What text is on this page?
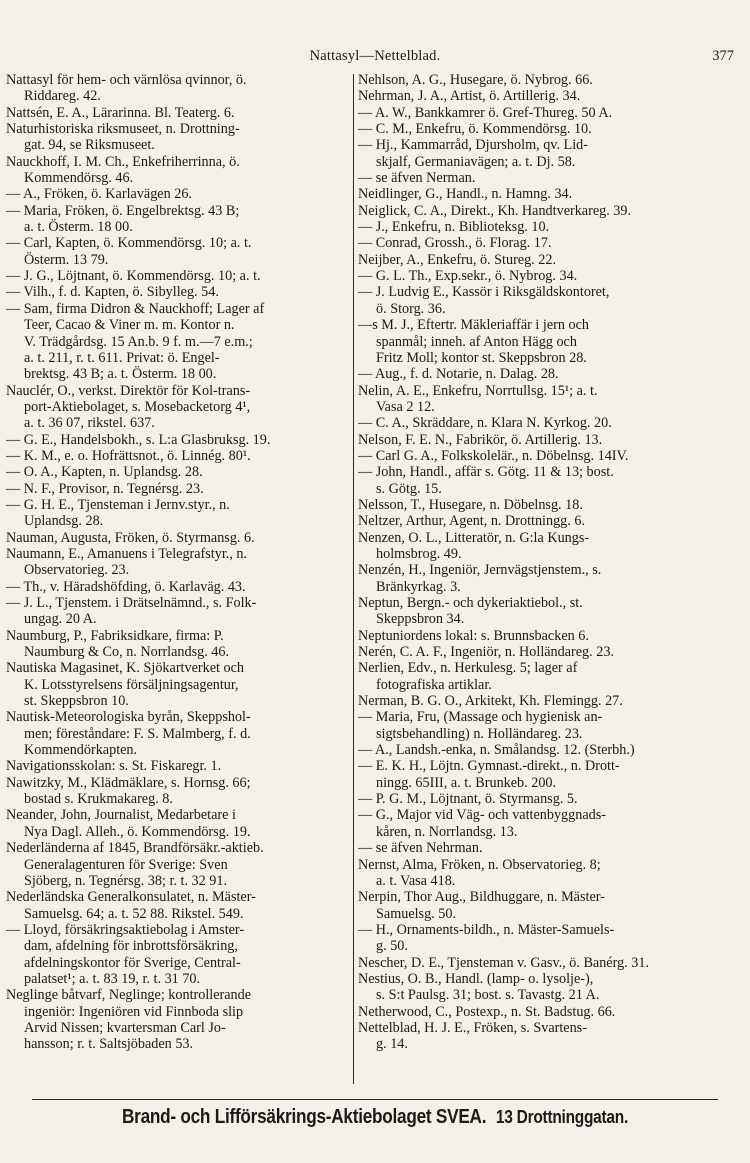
Nattasyl—Nettelblad.	377
Nattasyl för hem- och värnlösa qvinnor, ö.
Riddareg. 42.
Nattsén, E. A., Lärarinna. Bl. Teaterg. 6.
Naturhistoriska riksmuseet, n. Drottning-
gat. 94, se Riksmuseet.
Nauckhoff, I. M. Ch., Enkefriherrinna, ö.
Kommendörsg. 46.
— A., Fröken, ö. Karlavägen 26.
— Maria, Fröken, ö. Engelbrektsg. 43 B;
a. t. Österm. 18 00.
— Carl, Kapten, ö. Kommendörsg. 10; a. t.
Österm. 13 79.
— J. G., Löjtnant, ö. Kommendörsg. 10; a. t.
— Vilh., f. d. Kapten, ö. Sibylleg. 54.
— Sam, firma Didron & Nauckhoff; Lager af
Teer, Cacao & Viner m. m. Kontor n.
V. Trädgårdsg. 15 An.b. 9 f. m.—7 e.m.;
a. t. 211, r. t. 611. Privat: ö. Engel-
brektsg. 43 B; a. t. Österm. 18 00.
Nauclér, O., verkst. Direktör för Kol-trans-
port-Aktiebolaget, s. Mosebacketorg 4¹,
a. t. 36 07, rikstel. 637.
— G. E., Handelsbokh., s. L:a Glasbruksg. 19.
— K. M., e. o. Hofrättsnot., ö. Linnég. 80¹.
— O. A., Kapten, n. Uplandsg. 28.
— N. F., Provisor, n. Tegnérsg. 23.
— G. H. E., Tjensteman i Jernv.styr., n.
Uplandsg. 28.
Nauman, Augusta, Fröken, ö. Styrmansg. 6.
Naumann, E., Amanuens i Telegrafstyr., n.
Observatorieg. 23.
— Th., v. Häradshöfding, ö. Karlaväg. 43.
— J. L., Tjenstem. i Drätselnämnd., s. Folk-
ungag. 20 A.
Naumburg, P., Fabriksidkare, firma: P.
Naumburg & Co, n. Norrlandsg. 46.
Nautiska Magasinet, K. Sjökartverket och
K. Lotsstyrelsens försäljningsagentur,
st. Skeppsbron 10.
Nautisk-Meteorologiska byrån, Skeppshol-
men; föreståndare: F. S. Malmberg, f. d.
Kommendörkapten.
Navigationsskolan: s. St. Fiskaregr. 1.
Nawitzky, M., Klädmäklare, s. Hornsg. 66;
bostad s. Krukmakareg. 8.
Neander, John, Journalist, Medarbetare i
Nya Dagl. Alleh., ö. Kommendörsg. 19.
Nederländerna af 1845, Brandförsäkr.-aktieb.
Generalagenturen för Sverige: Sven
Sjöberg, n. Tegnérsg. 38; r. t. 32 91.
Nederländska Generalkonsulatet, n. Mäster-
Samuelsg. 64; a. t. 52 88. Rikstel. 549.
— Lloyd, försäkringsaktiebolag i Amster-
dam, afdelning för inbrottsförsäkring,
afdelningskontor för Sverige, Central-
palatset¹; a. t. 83 19, r. t. 31 70.
Neglinge båtvarf, Neglinge; kontrollerande
ingeniör: Ingeniören vid Finnboda slip
Arvid Nissen; kvartersman Carl Jo-
hansson; r. t. Saltsjöbaden 53.
Nehlson, A. G., Husegare, ö. Nybrog. 66.
Nehrman, J. A., Artist, ö. Artillerig. 34.
— A. W., Bankkamrer ö. Gref-Thureg. 50 A.
— C. M., Enkefru, ö. Kommendörsg. 10.
— Hj., Kammarråd, Djursholm, qv. Lid-
skjalf, Germaniavägen; a. t. Dj. 58.
— se äfven Nerman.
Neidlinger, G., Handl., n. Hamng. 34.
Neiglick, C. A., Direkt., Kh. Handtverkareg. 39.
— J., Enkefru, n. Biblioteksg. 10.
— Conrad, Grossh., ö. Florag. 17.
Neijber, A., Enkefru, ö. Stureg. 22.
— G. L. Th., Exp.sekr., ö. Nybrog. 34.
— J. Ludvig E., Kassör i Riksgäldskontoret,
ö. Storg. 36.
—s M. J., Eftertr. Mäkleriaffär i jern och
spanmål; inneh. af Anton Hägg och
Fritz Moll; kontor st. Skeppsbron 28.
— Aug., f. d. Notarie, n. Dalag. 28.
Nelin, A. E., Enkefru, Norrtullsg. 15¹; a. t.
Vasa 2 12.
— C. A., Skräddare, n. Klara N. Kyrkog. 20.
Nelson, F. E. N., Fabrikör, ö. Artillerig. 13.
— Carl G. A., Folkskolelär., n. Döbelnsg. 14IV.
— John, Handl., affär s. Götg. 11 & 13; bost.
s. Götg. 15.
Nelsson, T., Husegare, n. Döbelnsg. 18.
Neltzer, Arthur, Agent, n. Drottningg. 6.
Nenzen, O. L., Litteratör, n. G:la Kungs-
holmsbrog. 49.
Nenzén, H., Ingeniör, Jernvägstjenstem., s.
Bränkyrkag. 3.
Neptun, Bergn.- och dykeriaktiebol., st.
Skeppsbron 34.
Neptuniordens lokal: s. Brunnsbacken 6.
Nerén, C. A. F., Ingeniör, n. Holländareg. 23.
Nerlien, Edv., n. Herkulesg. 5; lager af
fotografiska artiklar.
Nerman, B. G. O., Arkitekt, Kh. Flemingg. 27.
— Maria, Fru, (Massage och hygienisk an-
sigtsbehandling) n. Holländareg. 23.
— A., Landsh.-enka, n. Smålandsg. 12. (Sterbh.)
— E. K. H., Löjtn. Gymnast.-direkt., n. Drott-
ningg. 65III, a. t. Brunkeb. 200.
— P. G. M., Löjtnant, ö. Styrmansg. 5.
— G., Major vid Väg- och vattenbyggnads-
kåren, n. Norrlandsg. 13.
— se äfven Nehrman.
Nernst, Alma, Fröken, n. Observatorieg. 8;
a. t. Vasa 418.
Nerpin, Thor Aug., Bildhuggare, n. Mäster-
Samuelsg. 50.
— H., Ornaments-bildh., n. Mäster-Samuels-
g. 50.
Nescher, D. E., Tjensteman v. Gasv., ö. Banérg. 31.
Nestius, O. B., Handl. (lamp- o. lysolje-),
s. S:t Paulsg. 31; bost. s. Tavastg. 21 A.
Netherwood, C., Postexp., n. St. Badstug. 66.
Nettelblad, H. J. E., Fröken, s. Svartens-
g. 14.
Brand- och Lifförsäkrings-Aktiebolaget SVEA. 13 Drottninggatan.
